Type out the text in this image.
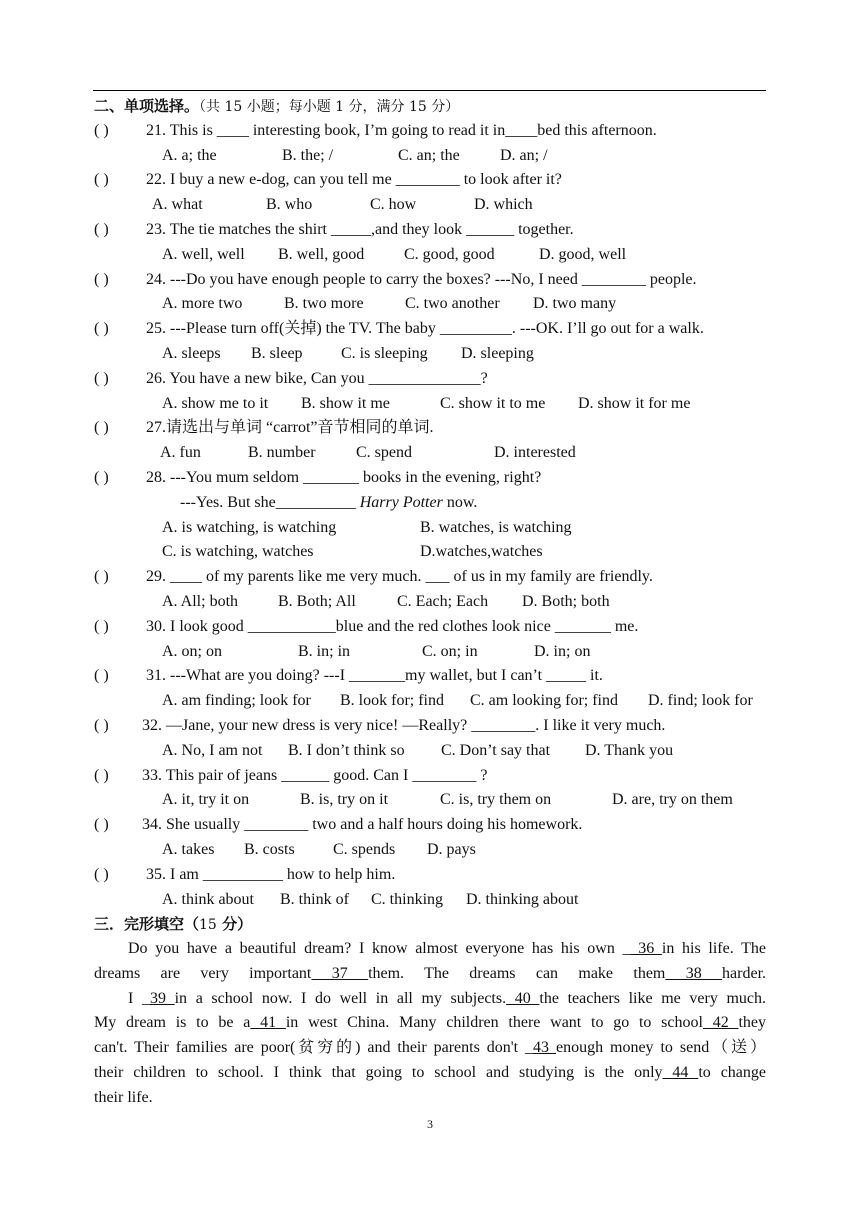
二、单项选择。（共 15 小题；每小题 1 分，满分 15 分）
( ) 21. This is ____ interesting book, I’m going to read it in____bed this afternoon.
A. a; the	B. the; /	C. an; the	D. an; /
( ) 22. I buy a new e-dog, can you tell me ________ to look after it?
A. what	B. who	C. how	D. which
( ) 23. The tie matches the shirt _____,and they look ______ together.
A. well, well B. well, good C. good, good	D. good, well
( ) 24. ---Do you have enough people to carry the boxes? ---No, I need ________ people.
A. more two	B. two more	C. two another D. two many
( ) 25. ---Please turn off(关掉) the TV. The baby _________. ---OK. I’ll go out for a walk.
A. sleeps B. sleep C. is sleeping D. sleeping
( ) 26. You have a new bike, Can you ______________?
A. show me to it B. show it me	C. show it to me D. show it for me
( ) 27.请选出与单词 “carrot”音节相同的单词.
A. fun	B. number	C. spend	D. interested
( ) 28. ---You mum seldom _______ books in the evening, right?
---Yes. But she__________ Harry Potter now.
A. is watching, is watching	B. watches, is watching
C. is watching, watches	D.watches,watches
( ) 29. ____ of my parents like me very much. ___ of us in my family are friendly.
A. All; both B. Both; All	C. Each; Each D. Both; both
( ) 30. I look good ___________blue and the red clothes look nice _______ me.
A. on; on	B. in; in	C. on; in	D. in; on
( ) 31. ---What are you doing? ---I _______my wallet, but I can’t _____ it.
A. am finding; look for B. look for; find C. am looking for; find D. find; look for
( ) 32. —Jane, your new dress is very nice! —Really? ________. I like it very much.
A. No, I am not B. I don’t think so C. Don’t say that D. Thank you
( ) 33. This pair of jeans ______ good. Can I ________ ?
A. it, try it on	B. is, try on it	C. is, try them on	D. are, try on them
( ) 34. She usually ________ two and a half hours doing his homework.
A. takes B. costs C. spends D. pays
( ) 35. I am __________ how to help him.
A. think about B. think of C. thinking D. thinking about
三．完形填空（15 分）
Do you have a beautiful dream? I know almost everyone has his own _ 36 in his life. The
dreams are very important 37 them. The dreams can make them 38 harder.
I _39 in a school now. I do well in all my subjects. 40 the teachers like me very much.
My dream is to be a 41 in west China. Many children there want to go to school 42 they
can't. Their families are poor(贫穷的) and their parents don't _43 enough money to send（送）
their children to school. I think that going to school and studying is the only 44 to change
their life.
3
